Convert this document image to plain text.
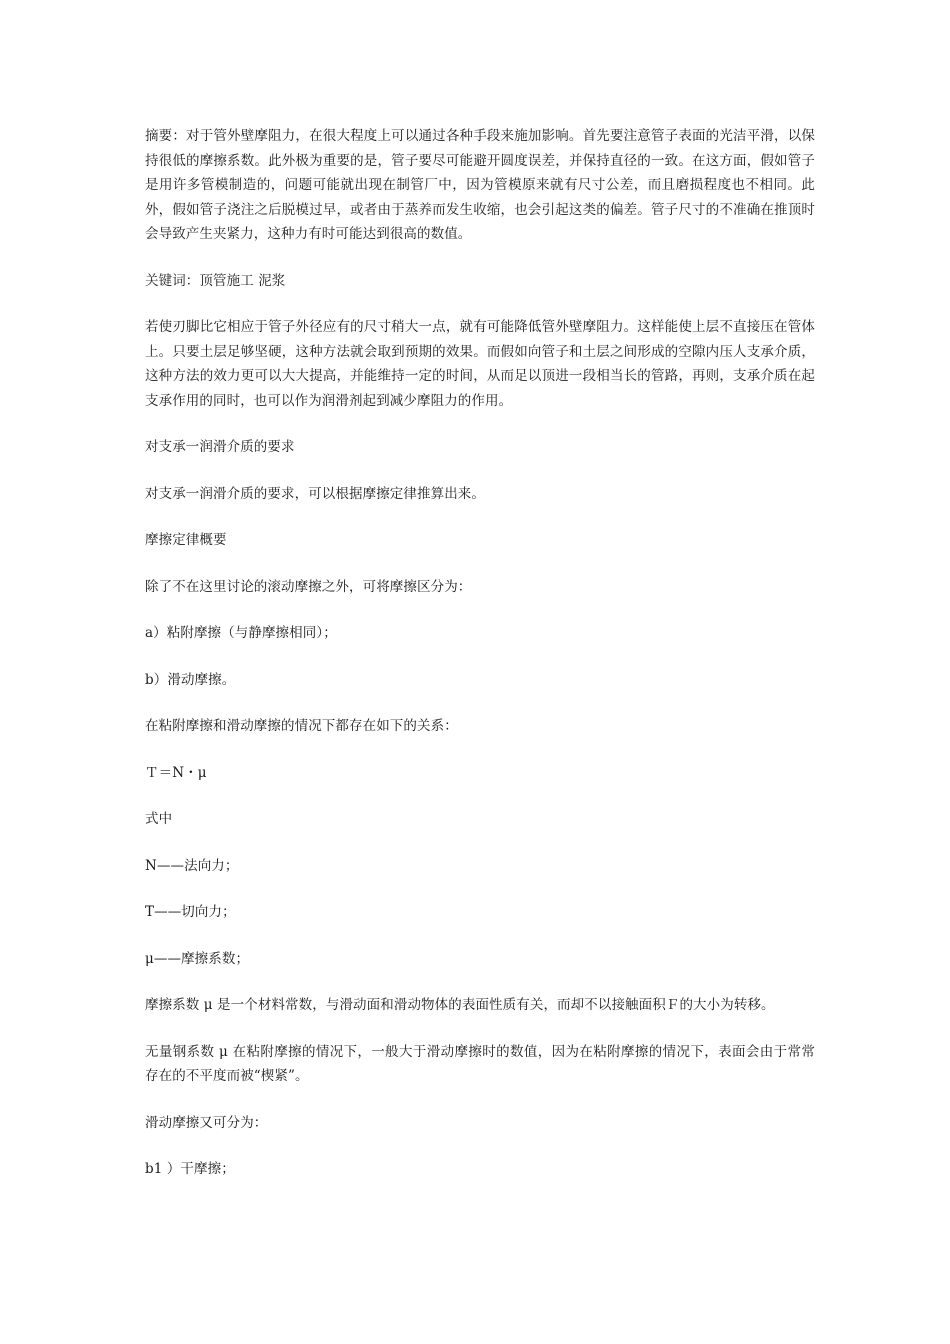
摘要：对于管外壁摩阻力，在很大程度上可以通过各种手段来施加影响。首先要注意管子表面的光洁平滑，以保持很低的摩擦系数。此外极为重要的是，管子要尽可能避开圆度误差，并保持直径的一致。在这方面，假如管子是用许多管模制造的，问题可能就出现在制管厂中，因为管模原来就有尺寸公差，而且磨损程度也不相同。此外，假如管子浇注之后脱模过早，或者由于蒸养而发生收缩，也会引起这类的偏差。管子尺寸的不准确在推顶时会导致产生夹紧力，这种力有时可能达到很高的数值。

关键词：顶管施工 泥浆

若使刃脚比它相应于管子外径应有的尺寸稍大一点，就有可能降低管外壁摩阻力。这样能使上层不直接压在管体上。只要土层足够坚硬，这种方法就会取到预期的效果。而假如向管子和土层之间形成的空隙内压人支承介质，这种方法的效力更可以大大提高，并能维持一定的时间，从而足以顶进一段相当长的管路，再则，支承介质在起支承作用的同时，也可以作为润滑剂起到减少摩阻力的作用。

对支承一润滑介质的要求

对支承一润滑介质的要求，可以根据摩擦定律推算出来。

摩擦定律概要

除了不在这里讨论的滚动摩擦之外，可将摩擦区分为：

a）粘附摩擦（与静摩擦相同）；

b）滑动摩擦。

在粘附摩擦和滑动摩擦的情况下都存在如下的关系：

Ｔ＝N・μ

式中

N——法向力；

T——切向力；

μ——摩擦系数；

摩擦系数 μ 是一个材料常数，与滑动面和滑动物体的表面性质有关，而却不以接触面积Ｆ的大小为转移。

无量钢系数 μ 在粘附摩擦的情况下，一般大于滑动摩擦时的数值，因为在粘附摩擦的情况下，表面会由于常常存在的不平度而被“楔紧”。

滑动摩擦又可分为：

b1 ）干摩擦；
